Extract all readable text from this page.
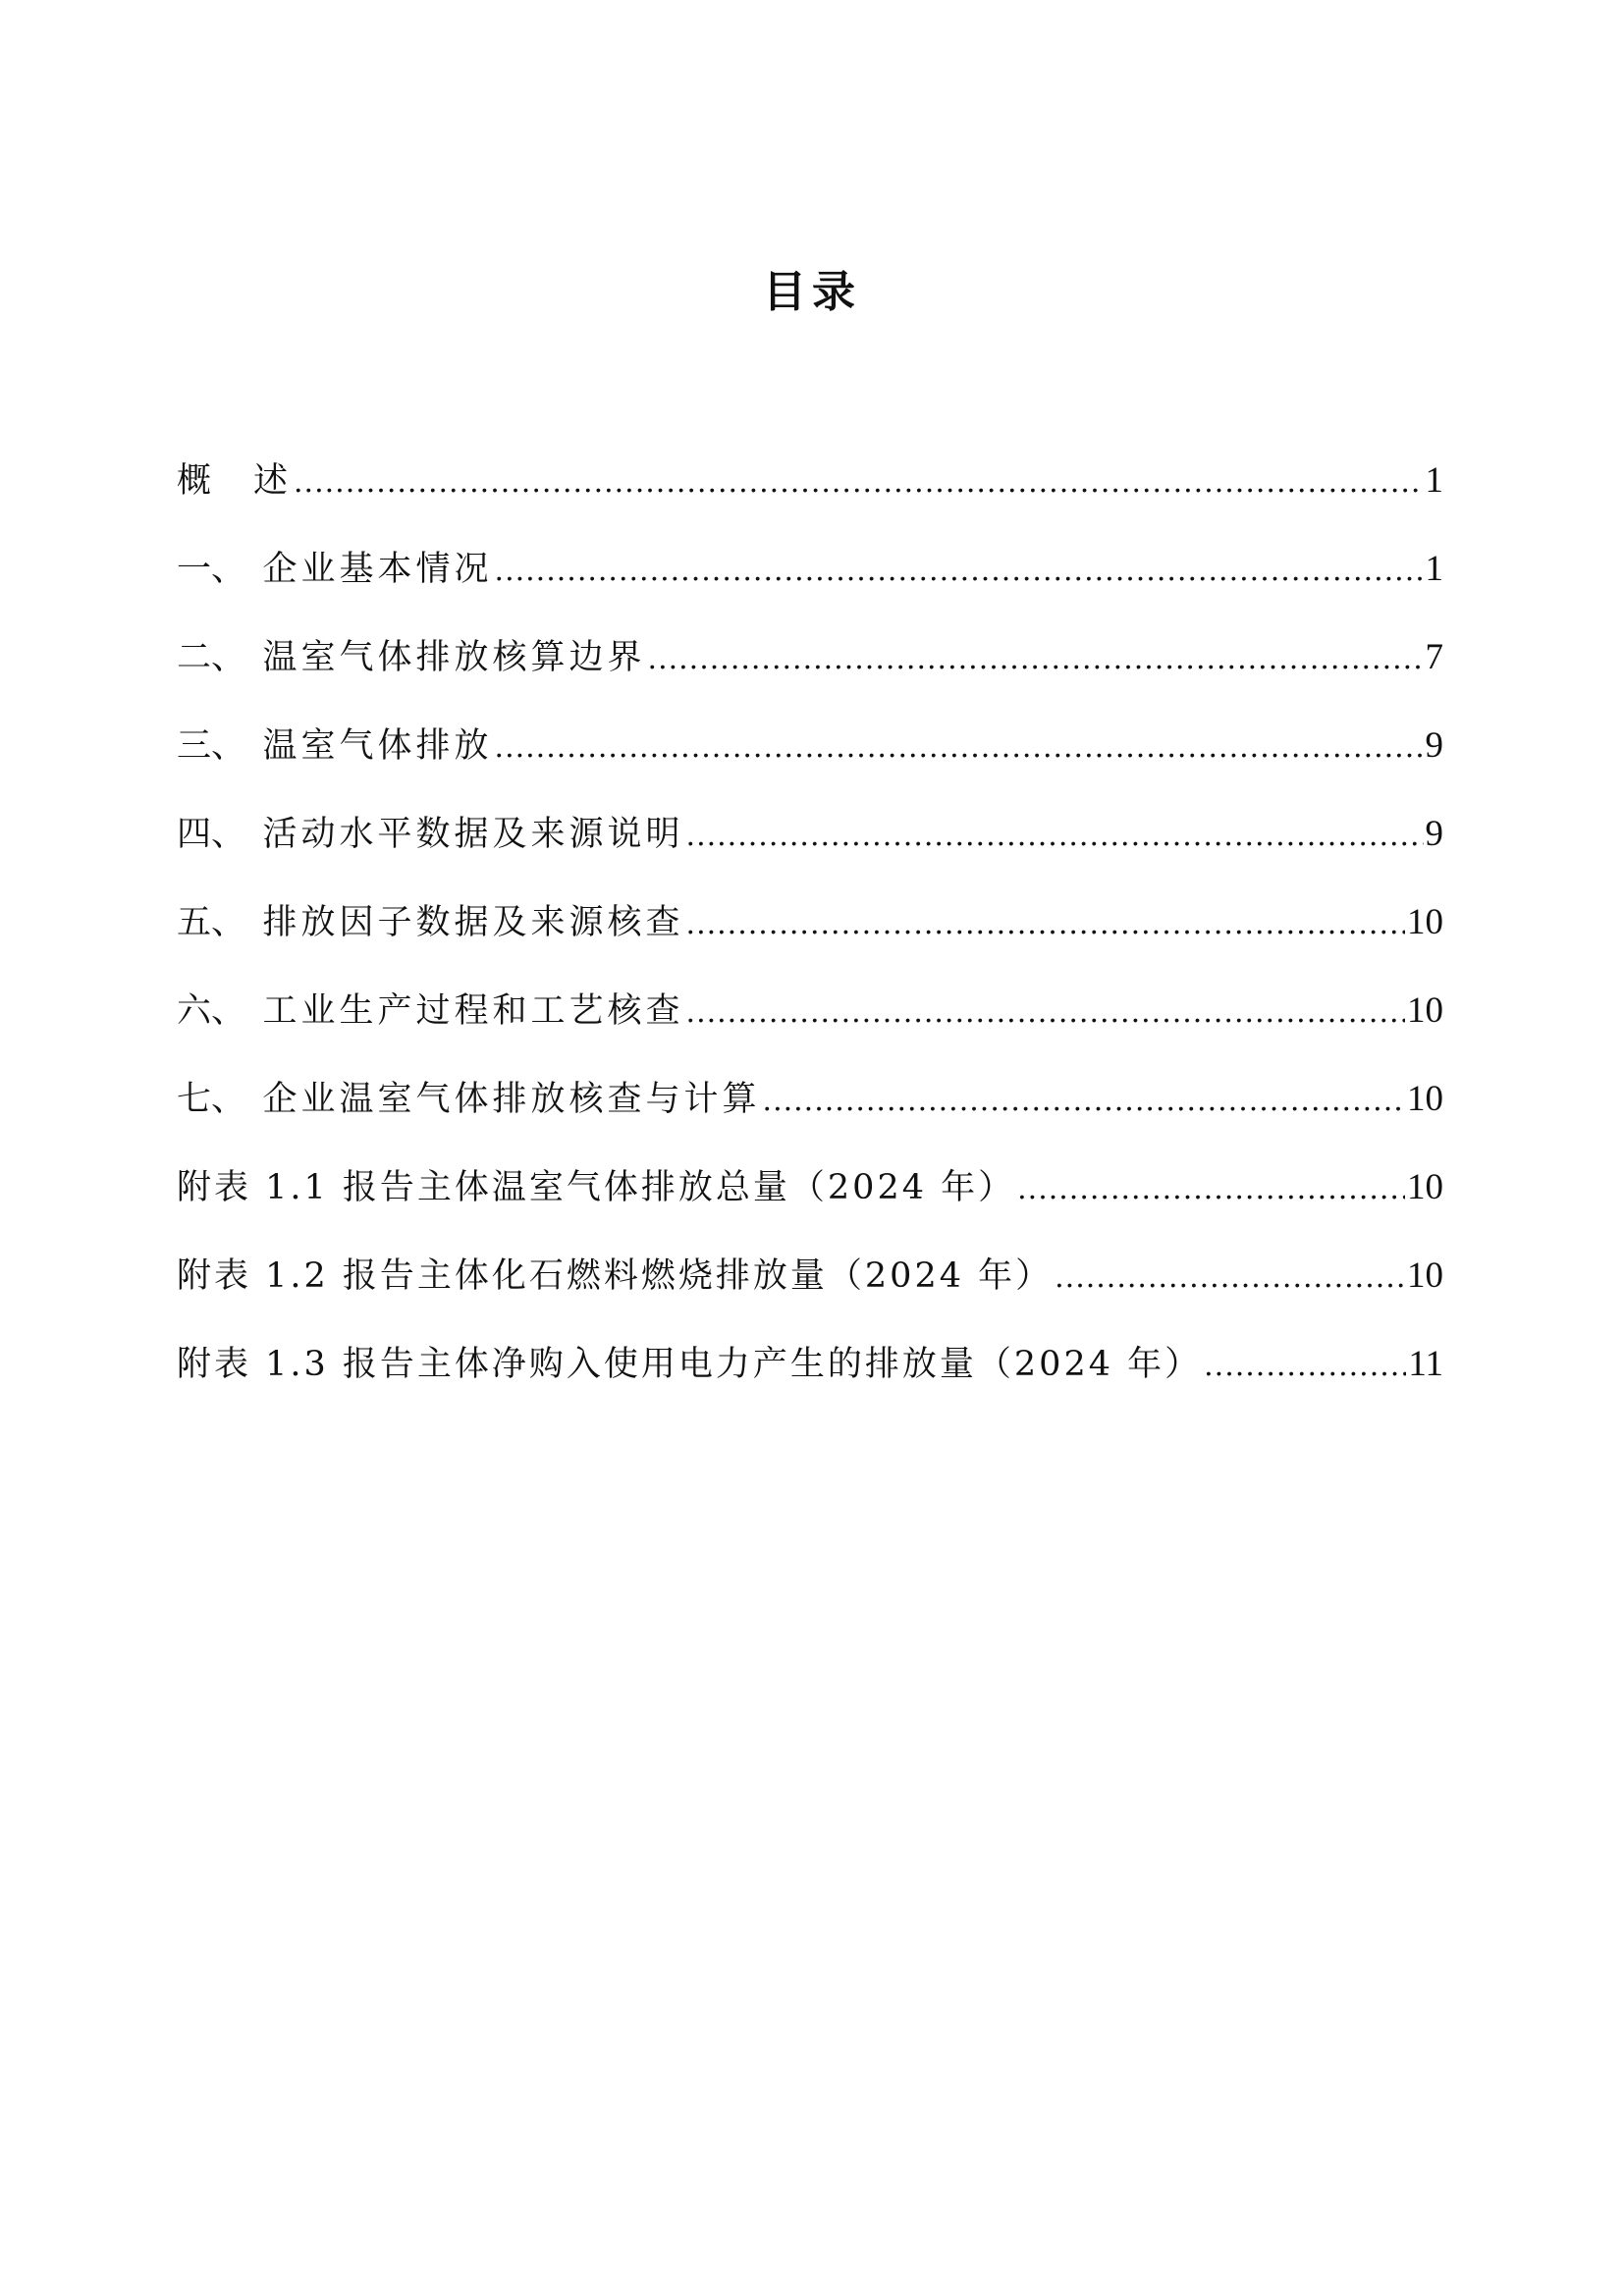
目录
概　述 .....	1
一、　 企业基本情况 .....	1
二、　 温室气体排放核算边界 .....	7
三、　 温室气体排放 .....	9
四、　 活动水平数据及来源说明 .....	9
五、　 排放因子数据及来源核查 .....	10
六、　 工业生产过程和工艺核查 .....	10
七、　 企业温室气体排放核查与计算 .....	10
附表 1.1 报告主体温室气体排放总量（2024 年） .....	10
附表 1.2 报告主体化石燃料燃烧排放量（2024 年） .....	10
附表 1.3 报告主体净购入使用电力产生的排放量（2024 年） .....	11
